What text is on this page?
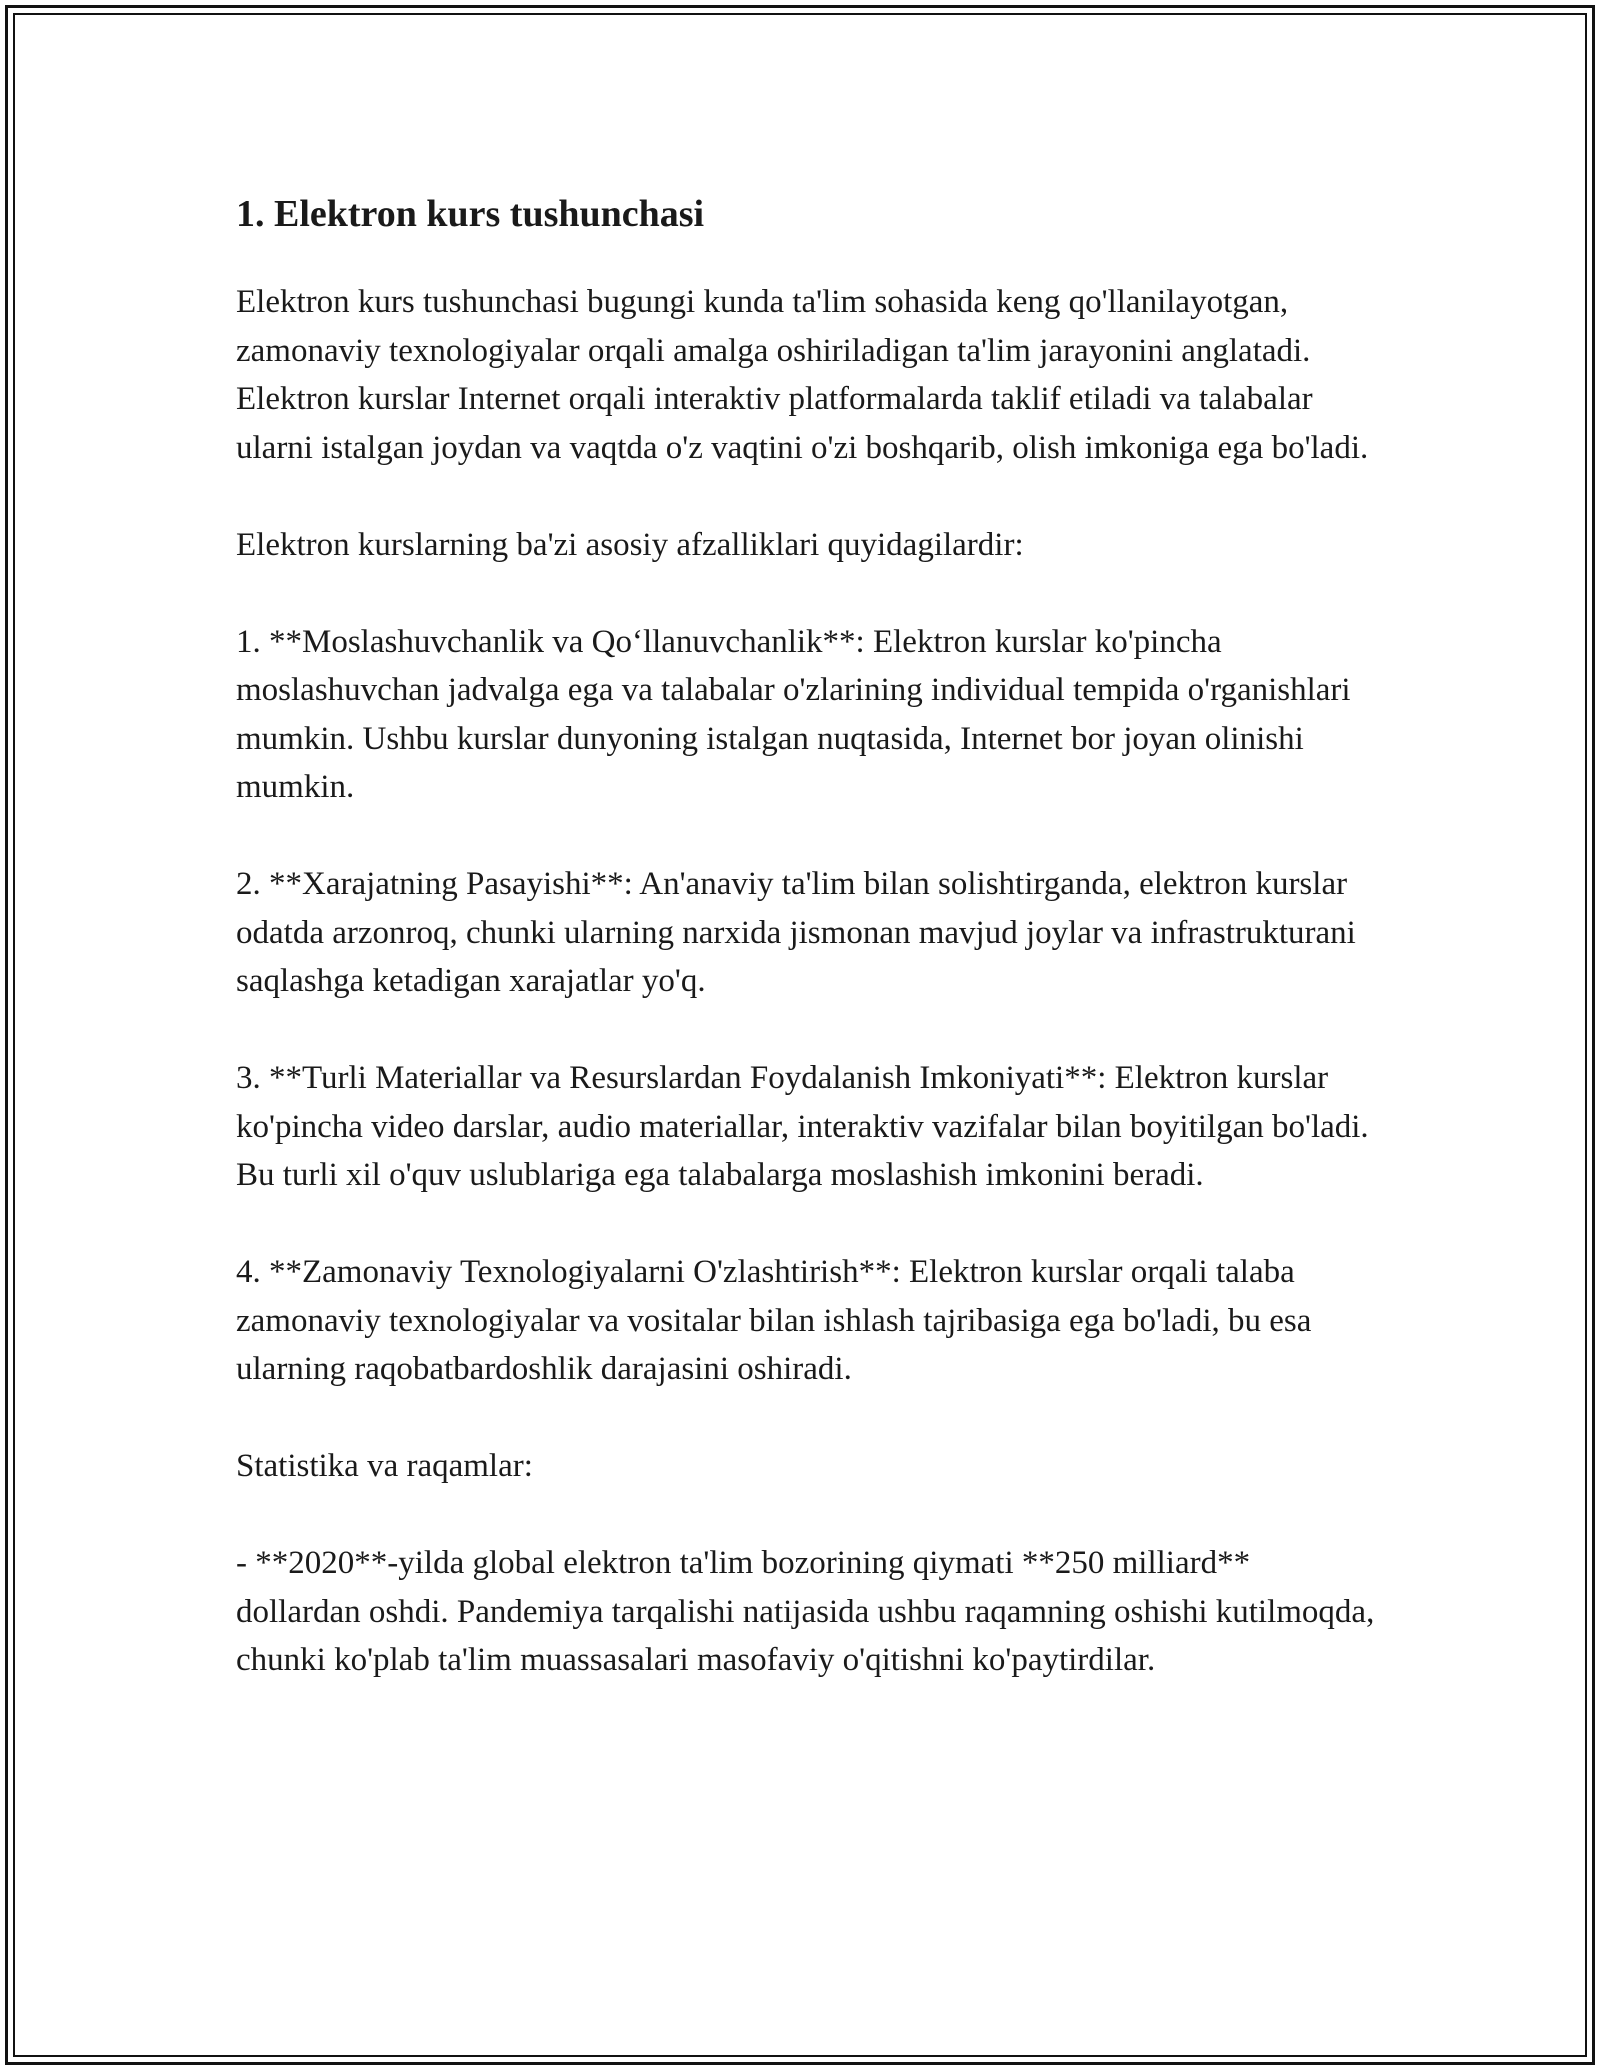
1. Elektron kurs tushunchasi

Elektron kurs tushunchasi bugungi kunda ta'lim sohasida keng qo'llanilayotgan, zamonaviy texnologiyalar orqali amalga oshiriladigan ta'lim jarayonini anglatadi. Elektron kurslar Internet orqali interaktiv platformalarda taklif etiladi va talabalar ularni istalgan joydan va vaqtda o'z vaqtini o'zi boshqarib, olish imkoniga ega bo'ladi.

Elektron kurslarning ba'zi asosiy afzalliklari quyidagilardir:

1. **Moslashuvchanlik va Qo‘llanuvchanlik**: Elektron kurslar ko'pincha moslashuvchan jadvalga ega va talabalar o'zlarining individual tempida o'rganishlari mumkin. Ushbu kurslar dunyoning istalgan nuqtasida, Internet bor joyan olinishi mumkin.

2. **Xarajatning Pasayishi**: An'anaviy ta'lim bilan solishtirganda, elektron kurslar odatda arzonroq, chunki ularning narxida jismonan mavjud joylar va infrastrukturani saqlashga ketadigan xarajatlar yo'q.

3. **Turli Materiallar va Resurslardan Foydalanish Imkoniyati**: Elektron kurslar ko'pincha video darslar, audio materiallar, interaktiv vazifalar bilan boyitilgan bo'ladi. Bu turli xil o'quv uslublariga ega talabalarga moslashish imkonini beradi.

4. **Zamonaviy Texnologiyalarni O'zlashtirish**: Elektron kurslar orqali talaba zamonaviy texnologiyalar va vositalar bilan ishlash tajribasiga ega bo'ladi, bu esa ularning raqobatbardoshlik darajasini oshiradi.

Statistika va raqamlar:

- **2020**-yilda global elektron ta'lim bozorining qiymati **250 milliard** dollardan oshdi. Pandemiya tarqalishi natijasida ushbu raqamning oshishi kutilmoqda, chunki ko'plab ta'lim muassasalari masofaviy o'qitishni ko'paytirdilar.
